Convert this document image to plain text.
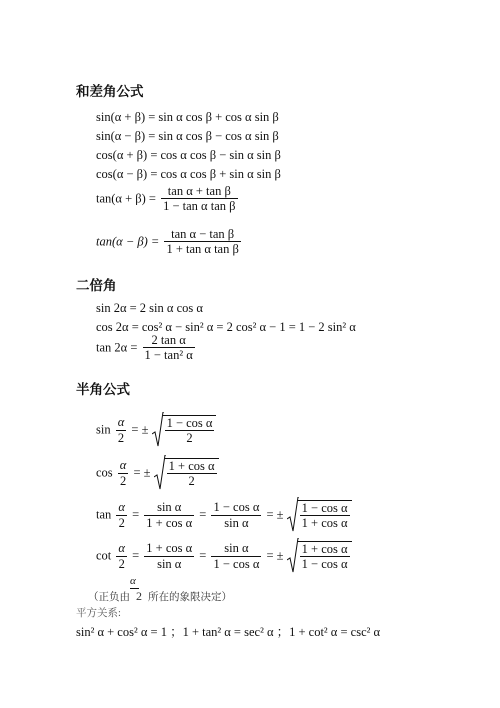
和差角公式
sin(α + β) = sin α cos β + cos α sin β
sin(α − β) = sin α cos β − cos α sin β
cos(α + β) = cos α cos β − sin α sin β
cos(α − β) = cos α cos β + sin α sin β
$\tan(\alpha + \beta) = \frac{\text{tan α + tan β}}{\text{1 − tan α tan β}}$
$\tan(\alpha - \beta) = \frac{\text{tan α − tan β}}{\text{1 + tan α tan β}}$
二倍角
sin 2α = 2 sin α cos α
cos 2α = cos² α − sin² α = 2 cos² α − 1 = 1 − 2 sin² α
$\tan 2\alpha = \frac{\text{2 tan α}}{\text{1 − tan² α}}$
半角公式
$\sin \frac{\alpha}{2}$ = ± $\frac{\text{1 − cos α}}{2}$
$\cos \frac{\alpha}{2}$ = ± $\frac{\text{1 + cos α}}{2}$
$\tan \frac{\alpha}{2} = \frac{\text{sin α}}{\text{1 + cos α}} = \frac{\text{1 − cos α}}{\text{sin α}}$ = ± $\frac{\text{1 − cos α}}{\text{1 + cos α}}$
$\cot \frac{\alpha}{2} = \frac{\text{1 + cos α}}{\text{sin α}} = \frac{\text{sin α}}{\text{1 − cos α}}$ = ± $\frac{\text{1 + cos α}}{\text{1 − cos α}}$
α
（正负由 2 所在的象限决定）
平方关系:
sin² α + cos² α = 1 ；1 + tan² α = sec² α ；1 + cot² α = csc² α
